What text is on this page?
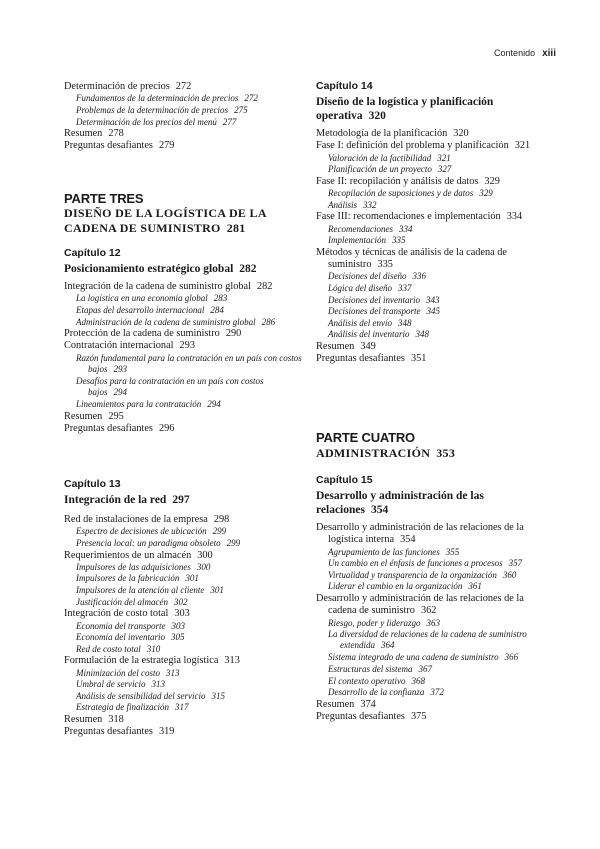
Contenido xiii
PARTE TRES
DISEÑO DE LA LOGÍSTICA DE LA
CADENA DE SUMINISTRO 281
Capítulo 12
Posicionamiento estratégico global 282
Capítulo 13
Integración de la red 297
Determinación de precios 272
Fundamentos de la determinación de precios 272
Problemas de la determinación de precios 275
Determinación de los precios del menú 277
Resumen 278
Preguntas desafiantes 279
Integración de la cadena de suministro global 282
La logística en una economía global 283
Etapas del desarrollo internacional 284
Administración de la cadena de suministro global 286
Protección de la cadena de suministro 290
Contratación internacional 293
Razón fundamental para la contratación en un país con costos bajos 293
Desafíos para la contratación en un país con costos bajos 294
Lineamientos para la contratación 294
Resumen 295
Preguntas desafiantes 296
Red de instalaciones de la empresa 298
Espectro de decisiones de ubicación 299
Presencia local: un paradigma obsoleto 299
Requerimientos de un almacén 300
Impulsores de las adquisiciones 300
Impulsores de la fabricación 301
Impulsores de la atención al cliente 301
Justificación del almacén 302
Integración de costo total 303
Economía del transporte 303
Economía del inventario 305
Red de costo total 310
Formulación de la estrategia logística 313
Minimización del costo 313
Umbral de servicio 313
Análisis de sensibilidad del servicio 315
Estrategia de finalización 317
Resumen 318
Preguntas desafiantes 319
Capítulo 14
Diseño de la logística y planificación operativa 320
PARTE CUATRO
ADMINISTRACIÓN 353
Capítulo 15
Desarrollo y administración de las relaciones 354
Metodología de la planificación 320
Fase I: definición del problema y planificación 321
Valoración de la factibilidad 321
Planificación de un proyecto 327
Fase II: recopilación y análisis de datos 329
Recopilación de suposiciones y de datos 329
Análisis 332
Fase III: recomendaciones e implementación 334
Recomendaciones 334
Implementación 335
Métodos y técnicas de análisis de la cadena de suministro 335
Decisiones del diseño 336
Lógica del diseño 337
Decisiones del inventario 343
Decisiones del transporte 345
Análisis del envío 348
Análisis del inventario 348
Resumen 349
Preguntas desafiantes 351
Desarrollo y administración de las relaciones de la logística interna 354
Agrupamiento de las funciones 355
Un cambio en el énfasis de funciones a procesos 357
Virtualidad y transparencia de la organización 360
Liderar el cambio en la organización 361
Desarrollo y administración de las relaciones de la cadena de suministro 362
Riesgo, poder y liderazgo 363
La diversidad de relaciones de la cadena de suministro extendida 364
Sistema integrado de una cadena de suministro 366
Estructuras del sistema 367
El contexto operativo 368
Desarrollo de la confianza 372
Resumen 374
Preguntas desafiantes 375
